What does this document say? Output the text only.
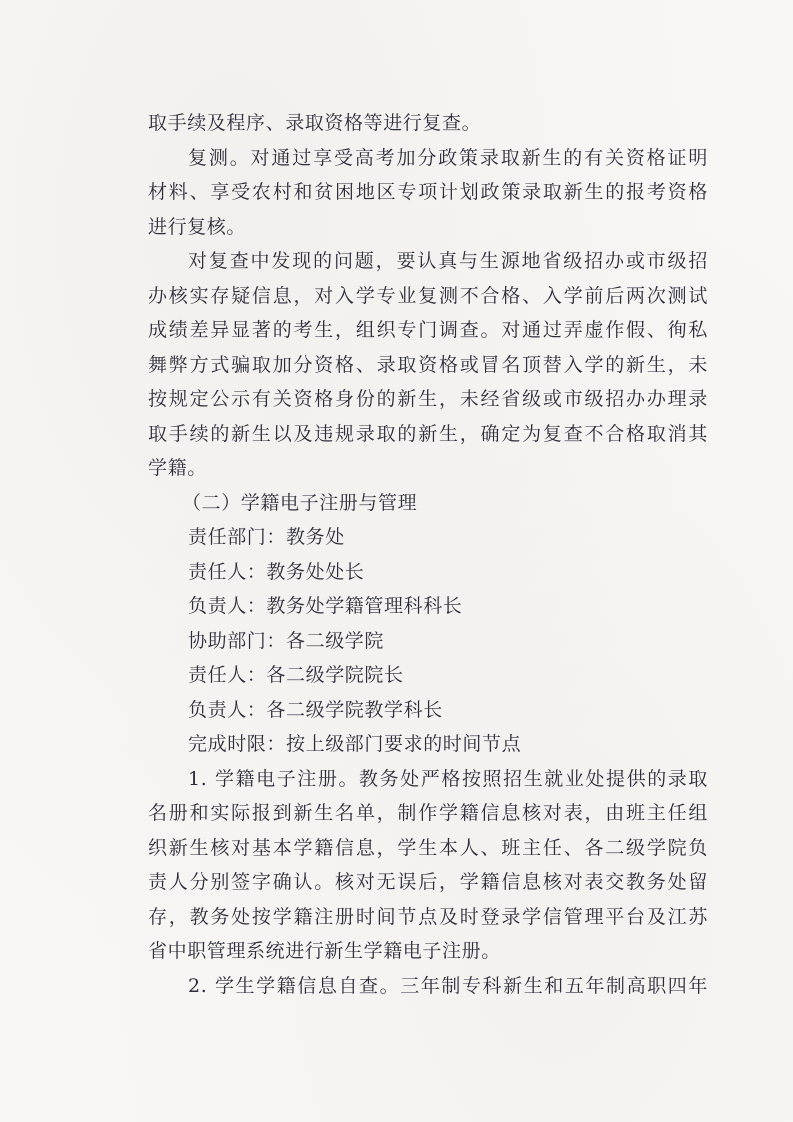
取手续及程序、录取资格等进行复查。
复测。对通过享受高考加分政策录取新生的有关资格证明
材料、享受农村和贫困地区专项计划政策录取新生的报考资格
进行复核。
对复查中发现的问题，要认真与生源地省级招办或市级招
办核实存疑信息，对入学专业复测不合格、入学前后两次测试
成绩差异显著的考生，组织专门调查。对通过弄虚作假、徇私
舞弊方式骗取加分资格、录取资格或冒名顶替入学的新生，未
按规定公示有关资格身份的新生，未经省级或市级招办办理录
取手续的新生以及违规录取的新生，确定为复查不合格取消其
学籍。
（二）学籍电子注册与管理
责任部门：教务处
责任人：教务处处长
负责人：教务处学籍管理科科长
协助部门：各二级学院
责任人：各二级学院院长
负责人：各二级学院教学科长
完成时限：按上级部门要求的时间节点
1. 学籍电子注册。教务处严格按照招生就业处提供的录取
名册和实际报到新生名单，制作学籍信息核对表，由班主任组
织新生核对基本学籍信息，学生本人、班主任、各二级学院负
责人分别签字确认。核对无误后，学籍信息核对表交教务处留
存，教务处按学籍注册时间节点及时登录学信管理平台及江苏
省中职管理系统进行新生学籍电子注册。
2. 学生学籍信息自查。三年制专科新生和五年制高职四年
